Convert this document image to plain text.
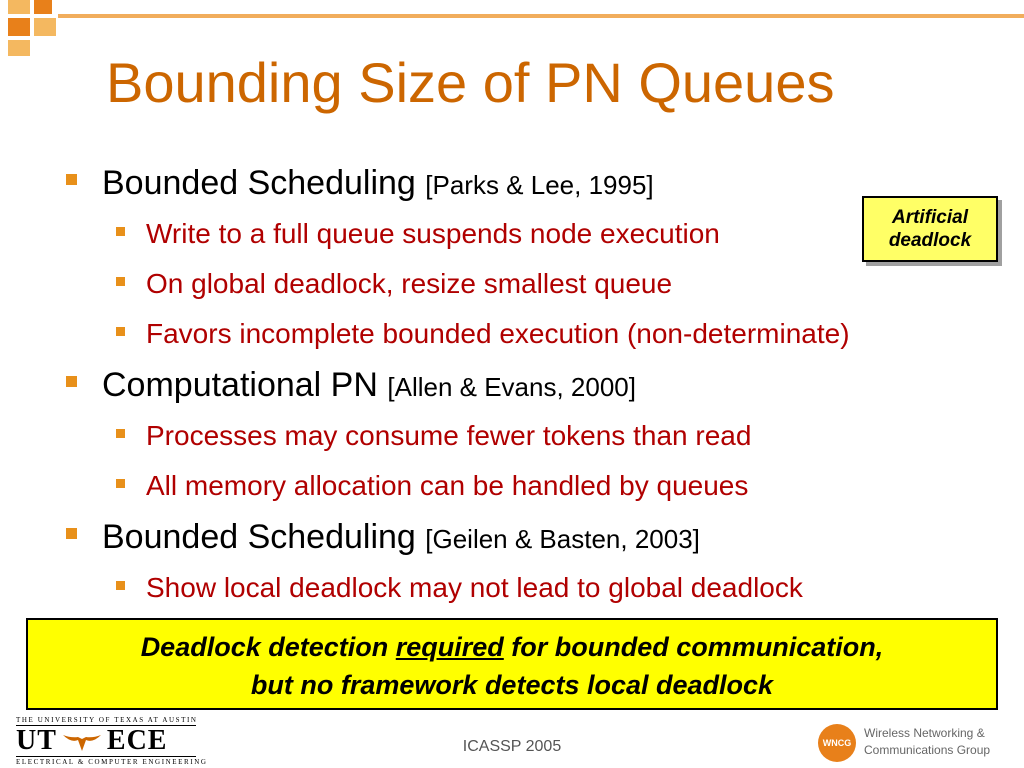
Bounding Size of PN Queues
Bounded Scheduling [Parks & Lee, 1995]
Write to a full queue suspends node execution
On global deadlock, resize smallest queue
Favors incomplete bounded execution (non-determinate)
Computational PN [Allen & Evans, 2000]
Processes may consume fewer tokens than read
All memory allocation can be handled by queues
Bounded Scheduling [Geilen & Basten, 2003]
Show local deadlock may not lead to global deadlock
Artificial
deadlock
Deadlock detection required for bounded communication,
but no framework detects local deadlock
THE UNIVERSITY OF TEXAS AT AUSTIN
UT ECE
ELECTRICAL & COMPUTER ENGINEERING
ICASSP 2005	WNCG
Wireless Networking &
Communications Group
